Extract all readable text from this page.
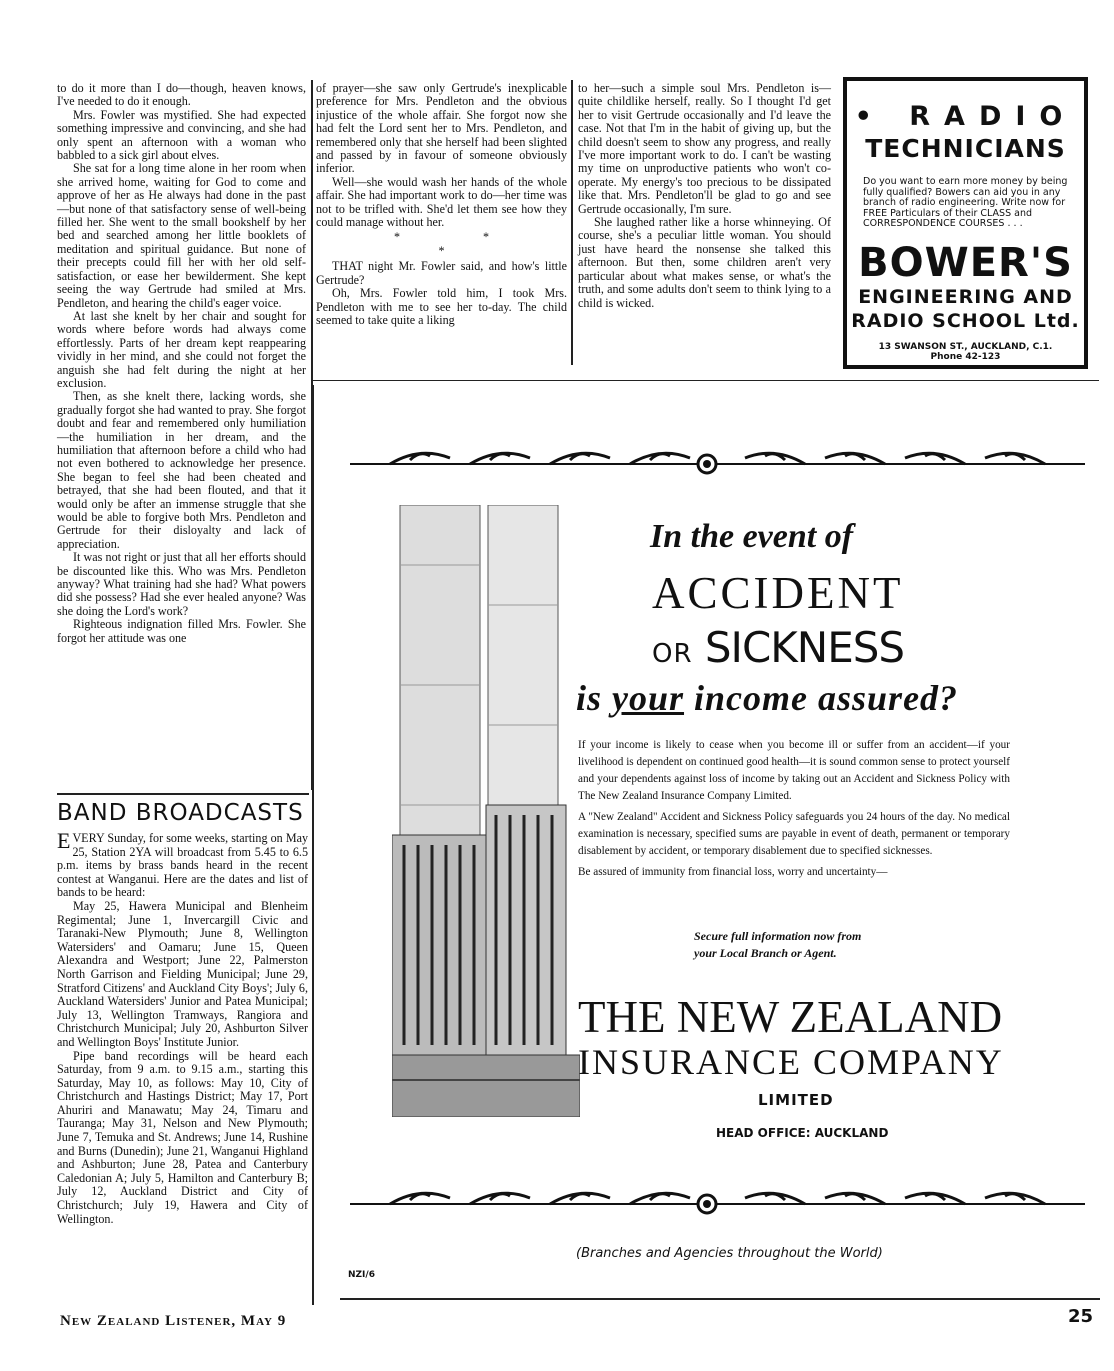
to do it more than I do—though, heaven knows, I've needed to do it enough.

Mrs. Fowler was mystified. She had expected something impressive and convincing, and she had only spent an afternoon with a woman who babbled to a sick girl about elves.

She sat for a long time alone in her room when she arrived home, waiting for God to come and approve of her as He always had done in the past—but none of that satisfactory sense of well-being filled her. She went to the small bookshelf by her bed and searched among her little booklets of meditation and spiritual guidance. But none of their precepts could fill her with her old self-satisfaction, or ease her bewilderment. She kept seeing the way Gertrude had smiled at Mrs. Pendleton, and hearing the child's eager voice.

At last she knelt by her chair and sought for words where before words had always come effortlessly. Parts of her dream kept reappearing vividly in her mind, and she could not forget the anguish she had felt during the night at her exclusion.

Then, as she knelt there, lacking words, she gradually forgot she had wanted to pray. She forgot doubt and fear and remembered only humiliation—the humiliation in her dream, and the humiliation that afternoon before a child who had not even bothered to acknowledge her presence. She began to feel she had been cheated and betrayed, that she had been flouted, and that it would only be after an immense struggle that she would be able to forgive both Mrs. Pendleton and Gertrude for their disloyalty and lack of appreciation.

It was not right or just that all her efforts should be discounted like this. Who was Mrs. Pendleton anyway? What training had she had? What powers did she possess? Had she ever healed anyone? Was she doing the Lord's work?

Righteous indignation filled Mrs. Fowler. She forgot her attitude was one

of prayer—she saw only Gertrude's inexplicable preference for Mrs. Pendleton and the obvious injustice of the whole affair. She forgot now she had felt the Lord sent her to Mrs. Pendleton, and remembered only that she herself had been slighted and passed by in favour of someone obviously inferior.

Well—she would wash her hands of the whole affair. She had important work to do—her time was not to be trifled with. She'd let them see how they could manage without her.

* * *

THAT night Mr. Fowler said, and how's little Gertrude?

Oh, Mrs. Fowler told him, I took Mrs. Pendleton with me to see her to-day. The child seemed to take quite a liking

to her—such a simple soul Mrs. Pendleton is—quite childlike herself, really. So I thought I'd get her to visit Gertrude occasionally and I'd leave the case. Not that I'm in the habit of giving up, but the child doesn't seem to show any progress, and really I've more important work to do. I can't be wasting my time on unproductive patients who won't co-operate. My energy's too precious to be dissipated like that. Mrs. Pendleton'll be glad to go and see Gertrude occasionally, I'm sure.

She laughed rather like a horse whinneying. Of course, she's a peculiar little woman. You should just have heard the nonsense she talked this afternoon. But then, some children aren't very particular about what makes sense, or what's the truth, and some adults don't seem to think lying to a child is wicked.

• RADIO
TECHNICIANS
Do you want to earn more money by being fully qualified? Bowers can aid you in any branch of radio engineering. Write now for FREE Particulars of their CLASS and CORRESPONDENCE COURSES . . .
BOWER'S
ENGINEERING AND
RADIO SCHOOL Ltd.
13 SWANSON ST., AUCKLAND, C.1.
Phone 42-123
BAND BROADCASTS

EVERY Sunday, for some weeks, starting on May 25, Station 2YA will broadcast from 5.45 to 6.5 p.m. items by brass bands heard in the recent contest at Wanganui. Here are the dates and list of bands to be heard:

May 25, Hawera Municipal and Blenheim Regimental; June 1, Invercargill Civic and Taranaki-New Plymouth; June 8, Wellington Watersiders' and Oamaru; June 15, Queen Alexandra and Westport; June 22, Palmerston North Garrison and Fielding Municipal; June 29, Stratford Citizens' and Auckland City Boys'; July 6, Auckland Watersiders' Junior and Patea Municipal; July 13, Wellington Tramways, Rangiora and Christchurch Municipal; July 20, Ashburton Silver and Wellington Boys' Institute Junior.

Pipe band recordings will be heard each Saturday, from 9 a.m. to 9.15 a.m., starting this Saturday, May 10, as follows: May 10, City of Christchurch and Hastings District; May 17, Port Ahuriri and Manawatu; May 24, Timaru and Tauranga; May 31, Nelson and New Plymouth; June 7, Temuka and St. Andrews; June 14, Rushine and Burns (Dunedin); June 21, Wanganui Highland and Ashburton; June 28, Patea and Canterbury Caledonian A; July 5, Hamilton and Canterbury B; July 12, Auckland District and City of Christchurch; July 19, Hawera and City of Wellington.

In the event of
ACCIDENT
OR SICKNESS
is your income assured?

If your income is likely to cease when you become ill or suffer from an accident—if your livelihood is dependent on continued good health—it is sound common sense to protect yourself and your dependents against loss of income by taking out an Accident and Sickness Policy with The New Zealand Insurance Company Limited.

A "New Zealand" Accident and Sickness Policy safeguards you 24 hours of the day. No medical examination is necessary, specified sums are payable in event of death, permanent or temporary disablement by accident, or temporary disablement due to specified sicknesses.

Be assured of immunity from financial loss, worry and uncertainty—

Secure full information now from
your Local Branch or Agent.
THE NEW ZEALAND
INSURANCE COMPANY
LIMITED
HEAD OFFICE: AUCKLAND
(Branches and Agencies throughout the World)
NZI/6
New Zealand Listener, May 9	25
